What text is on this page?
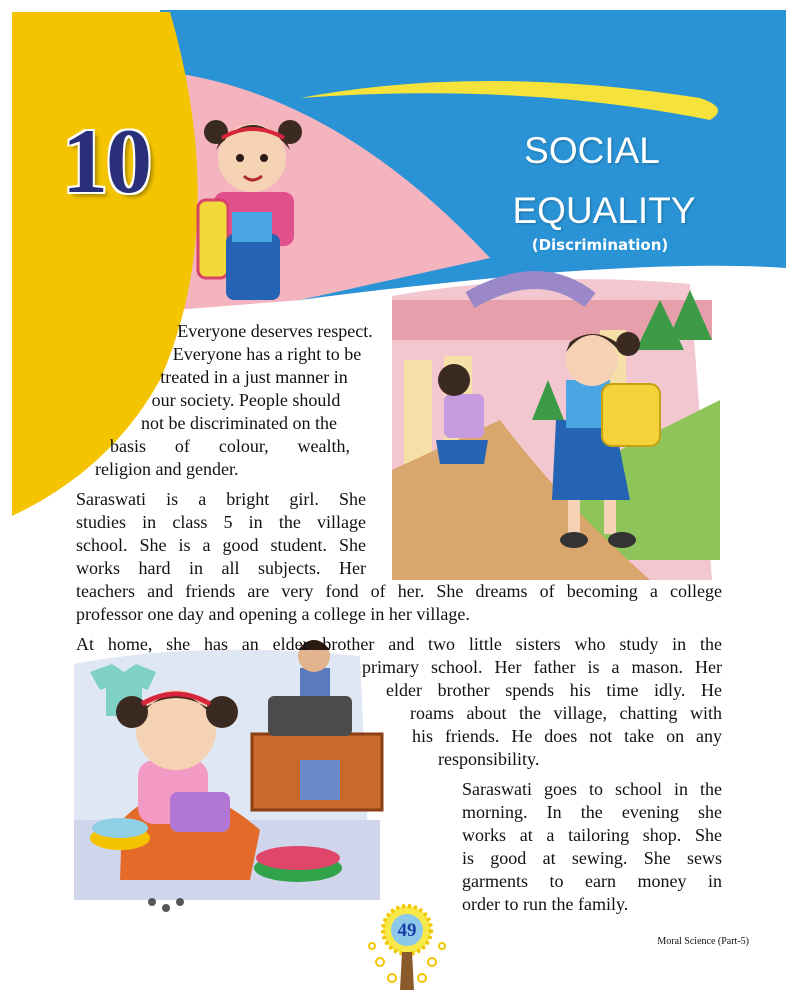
10	SOCIAL
EQUALITY
(Discrimination)
Everyone deserves respect.
Everyone has a right to be
treated in a just manner in
our society. People should
not be discriminated on the
basis of colour, wealth,
religion and gender.
Saraswati is a bright girl. She
studies in class 5 in the village
school. She is a good student. She
works hard in all subjects. Her
teachers and friends are very fond of her. She dreams of becoming a college
professor one day and opening a college in her village.
At home, she has an elder brother and two little sisters who study in the
primary school. Her father is a mason. Her
elder brother spends his time idly. He
roams about the village, chatting with
his friends. He does not take on any
responsibility.
Saraswati goes to school in the
morning. In the evening she
works at a tailoring shop. She
is good at sewing. She sews
garments to earn money in
order to run the family.
49
Moral Science (Part-5)
